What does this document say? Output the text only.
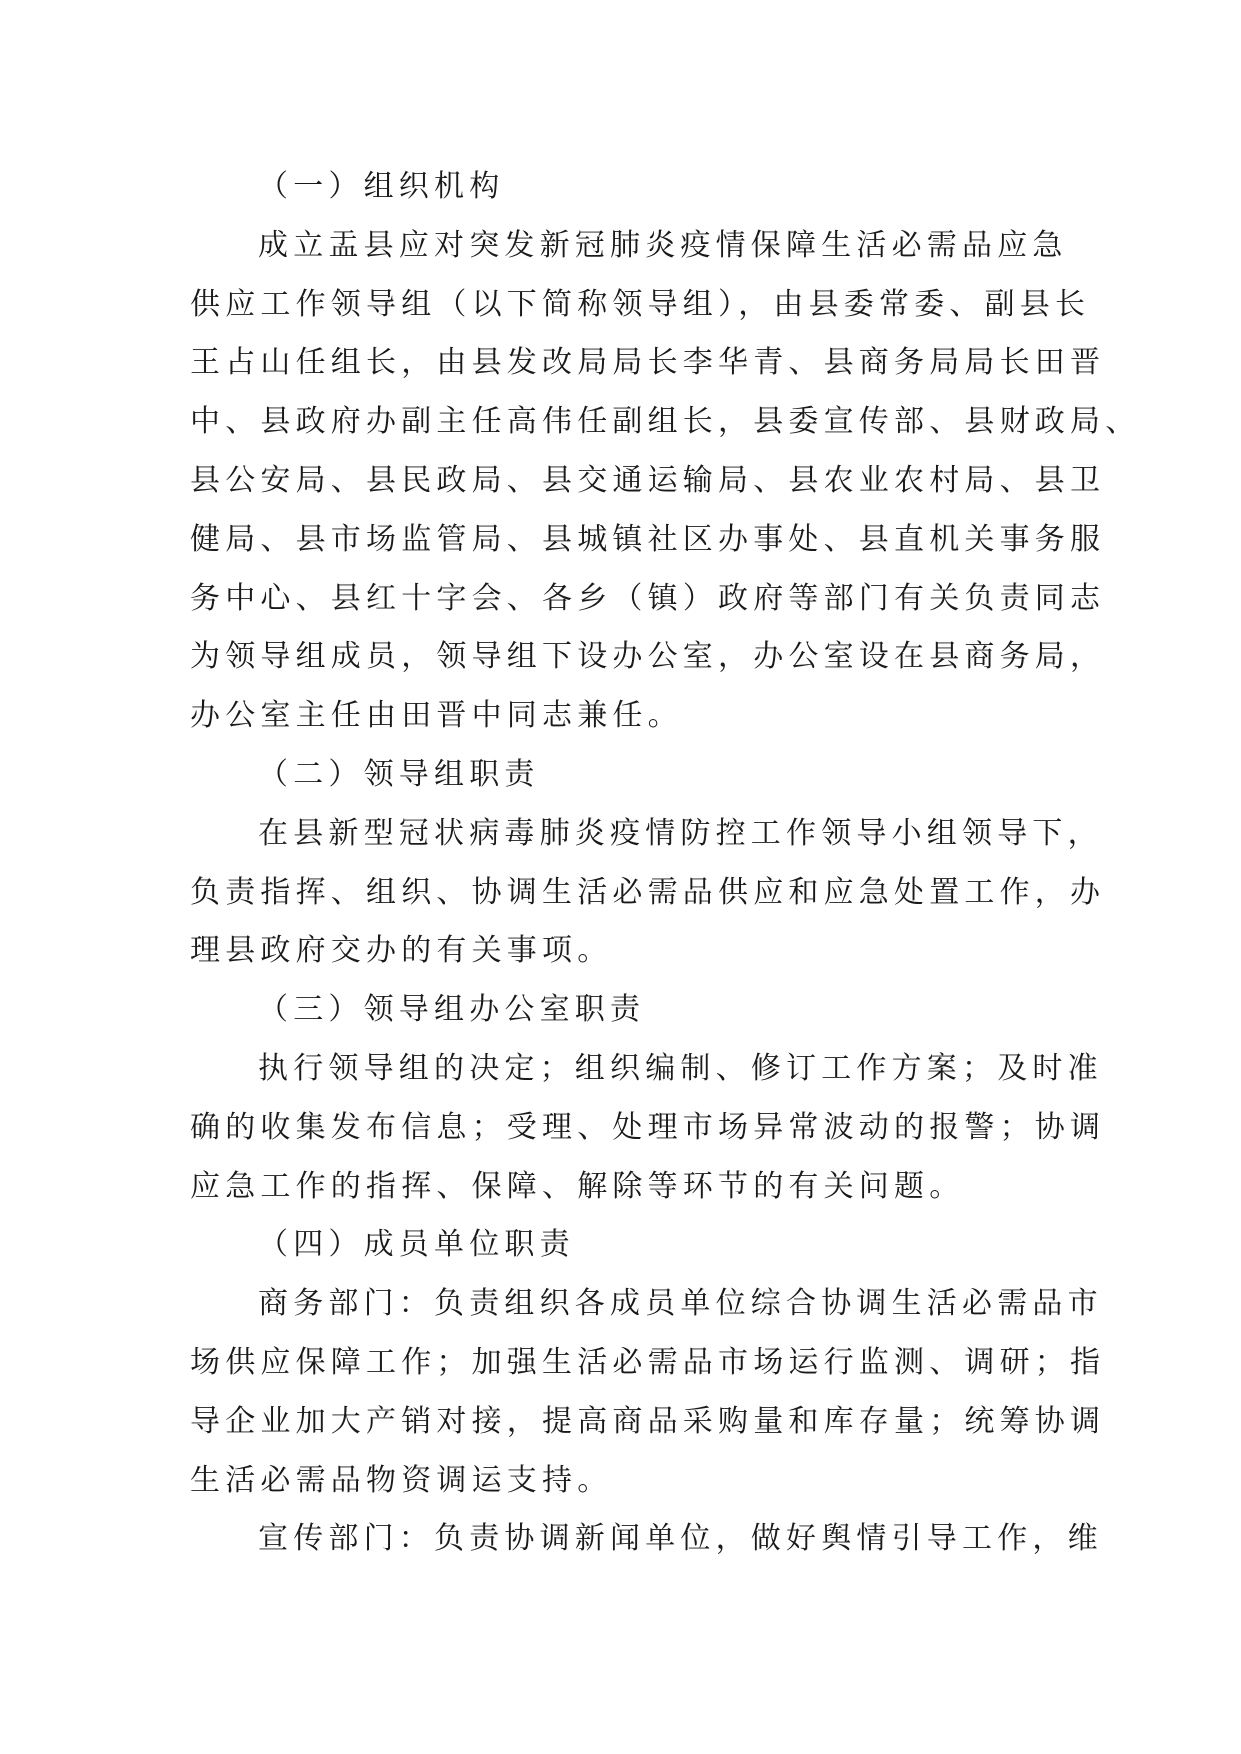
（一）组织机构
成立盂县应对突发新冠肺炎疫情保障生活必需品应急
供应工作领导组（以下简称领导组），由县委常委、副县长
王占山任组长，由县发改局局长李华青、县商务局局长田晋
中、县政府办副主任高伟任副组长，县委宣传部、县财政局、
县公安局、县民政局、县交通运输局、县农业农村局、县卫
健局、县市场监管局、县城镇社区办事处、县直机关事务服
务中心、县红十字会、各乡（镇）政府等部门有关负责同志
为领导组成员，领导组下设办公室，办公室设在县商务局，
办公室主任由田晋中同志兼任。
（二）领导组职责
在县新型冠状病毒肺炎疫情防控工作领导小组领导下，
负责指挥、组织、协调生活必需品供应和应急处置工作，办
理县政府交办的有关事项。
（三）领导组办公室职责
执行领导组的决定；组织编制、修订工作方案；及时准
确的收集发布信息；受理、处理市场异常波动的报警；协调
应急工作的指挥、保障、解除等环节的有关问题。
（四）成员单位职责
商务部门：负责组织各成员单位综合协调生活必需品市
场供应保障工作；加强生活必需品市场运行监测、调研；指
导企业加大产销对接，提高商品采购量和库存量；统筹协调
生活必需品物资调运支持。
宣传部门：负责协调新闻单位，做好舆情引导工作，维
